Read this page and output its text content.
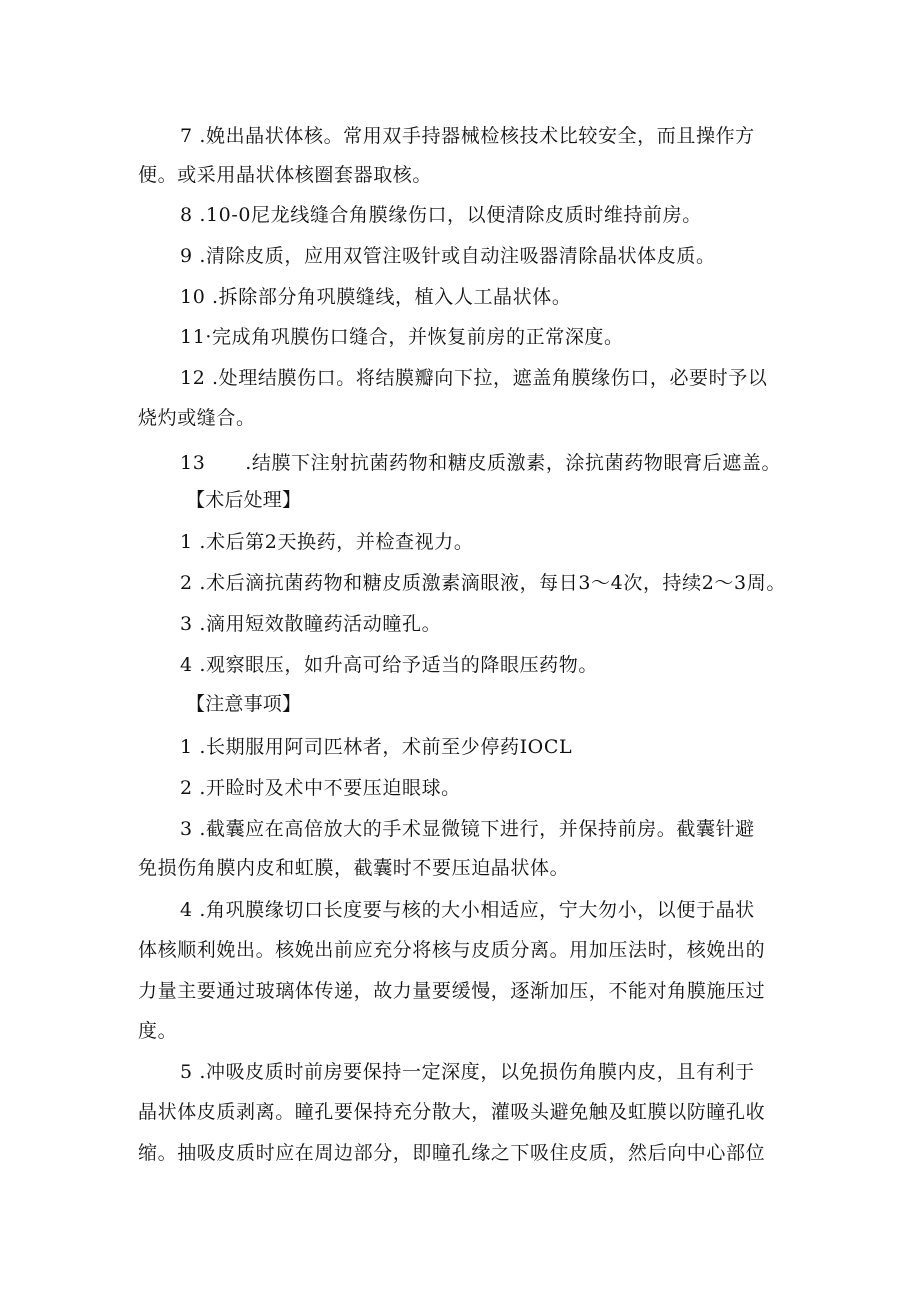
7 .娩出晶状体核。常用双手持器械检核技术比较安全，而且操作方
便。或采用晶状体核圈套器取核。
8 .10-0尼龙线缝合角膜缘伤口，以便清除皮质时维持前房。
9 .清除皮质，应用双管注吸针或自动注吸器清除晶状体皮质。
10 .拆除部分角巩膜缝线，植入人工晶状体。
11·完成角巩膜伤口缝合，并恢复前房的正常深度。
12 .处理结膜伤口。将结膜瓣向下拉，遮盖角膜缘伤口，必要时予以
烧灼或缝合。
13      .结膜下注射抗菌药物和糖皮质激素，涂抗菌药物眼膏后遮盖。
【术后处理】
1 .术后第2天换药，并检查视力。
2 .术后滴抗菌药物和糖皮质激素滴眼液，每日3～4次，持续2～3周。
3 .滴用短效散瞳药活动瞳孔。
4 .观察眼压，如升高可给予适当的降眼压药物。
【注意事项】
1 .长期服用阿司匹林者，术前至少停药IOCL
2 .开睑时及术中不要压迫眼球。
3 .截囊应在高倍放大的手术显微镜下进行，并保持前房。截囊针避
免损伤角膜内皮和虹膜，截囊时不要压迫晶状体。
4 .角巩膜缘切口长度要与核的大小相适应，宁大勿小，以便于晶状
体核顺利娩出。核娩出前应充分将核与皮质分离。用加压法时，核娩出的
力量主要通过玻璃体传递，故力量要缓慢，逐渐加压，不能对角膜施压过
度。
5 .冲吸皮质时前房要保持一定深度，以免损伤角膜内皮，且有利于
晶状体皮质剥离。瞳孔要保持充分散大，灌吸头避免触及虹膜以防瞳孔收
缩。抽吸皮质时应在周边部分，即瞳孔缘之下吸住皮质，然后向中心部位
